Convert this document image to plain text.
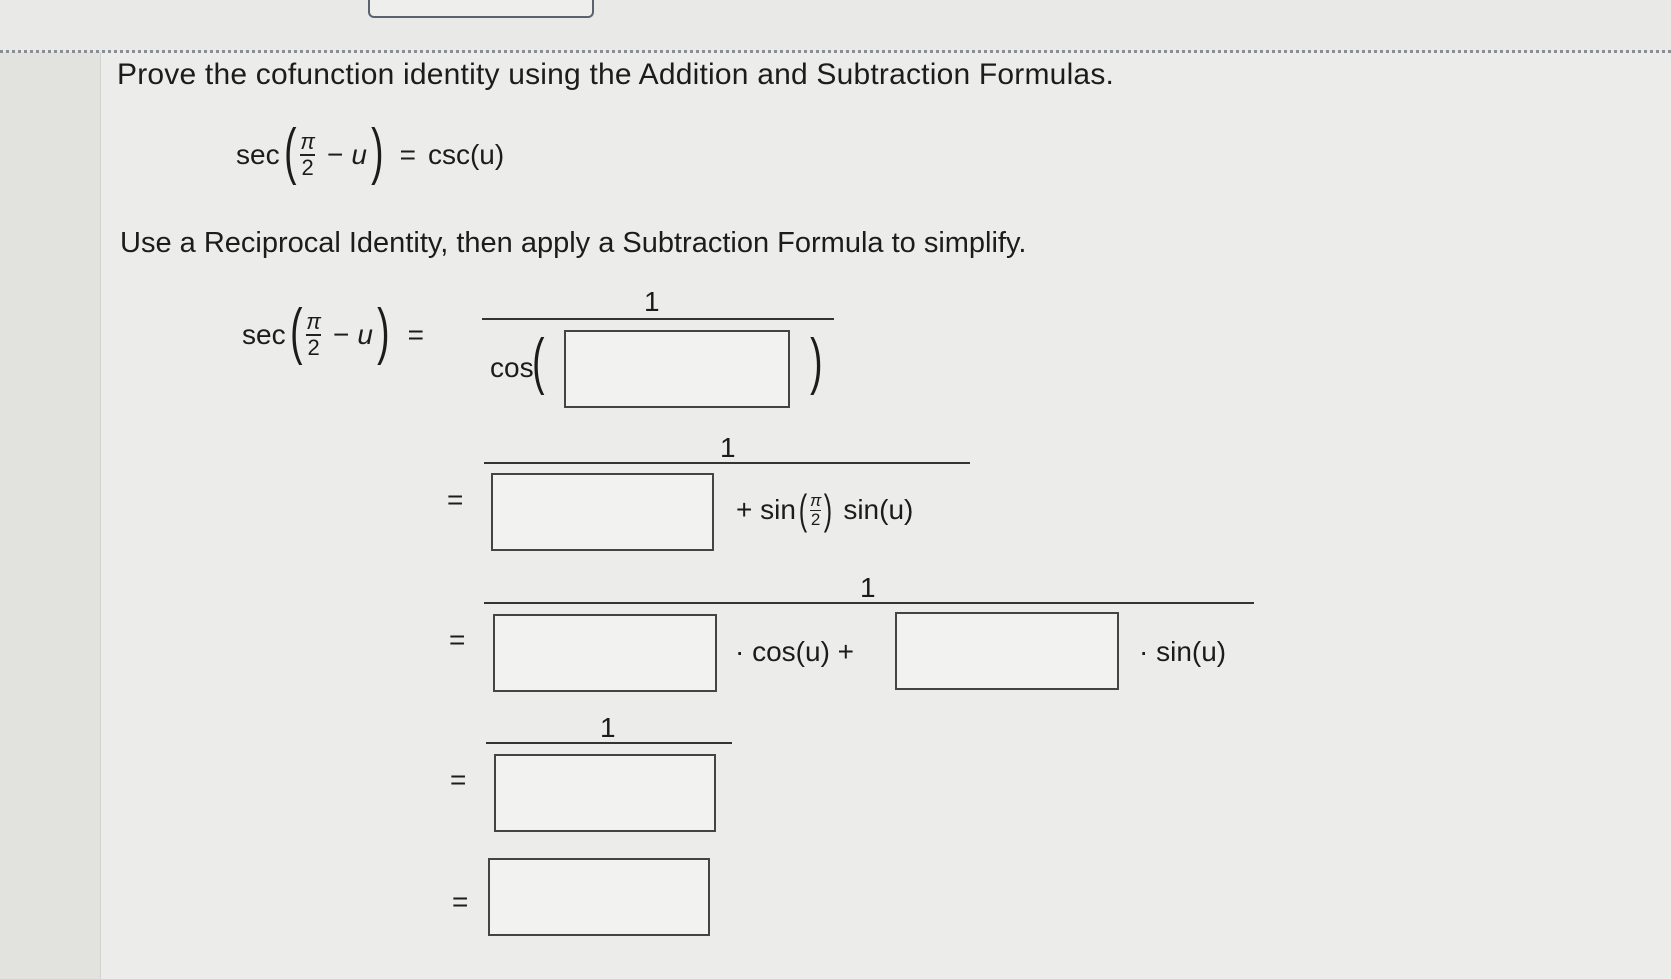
Prove the cofunction identity using the Addition and Subtraction Formulas.
sec ( $\frac{\pi}{2} - u$ ) = csc(u)
Use a Reciprocal Identity, then apply a Subtraction Formula to simplify.
sec ( $\frac{\pi}{2} - u$ ) =
1
cos
(	)
=
1
+ sin ( $\frac{\pi}{2}$ ) sin(u)
=
1
· cos(u) +	· sin(u)
=
1
=
